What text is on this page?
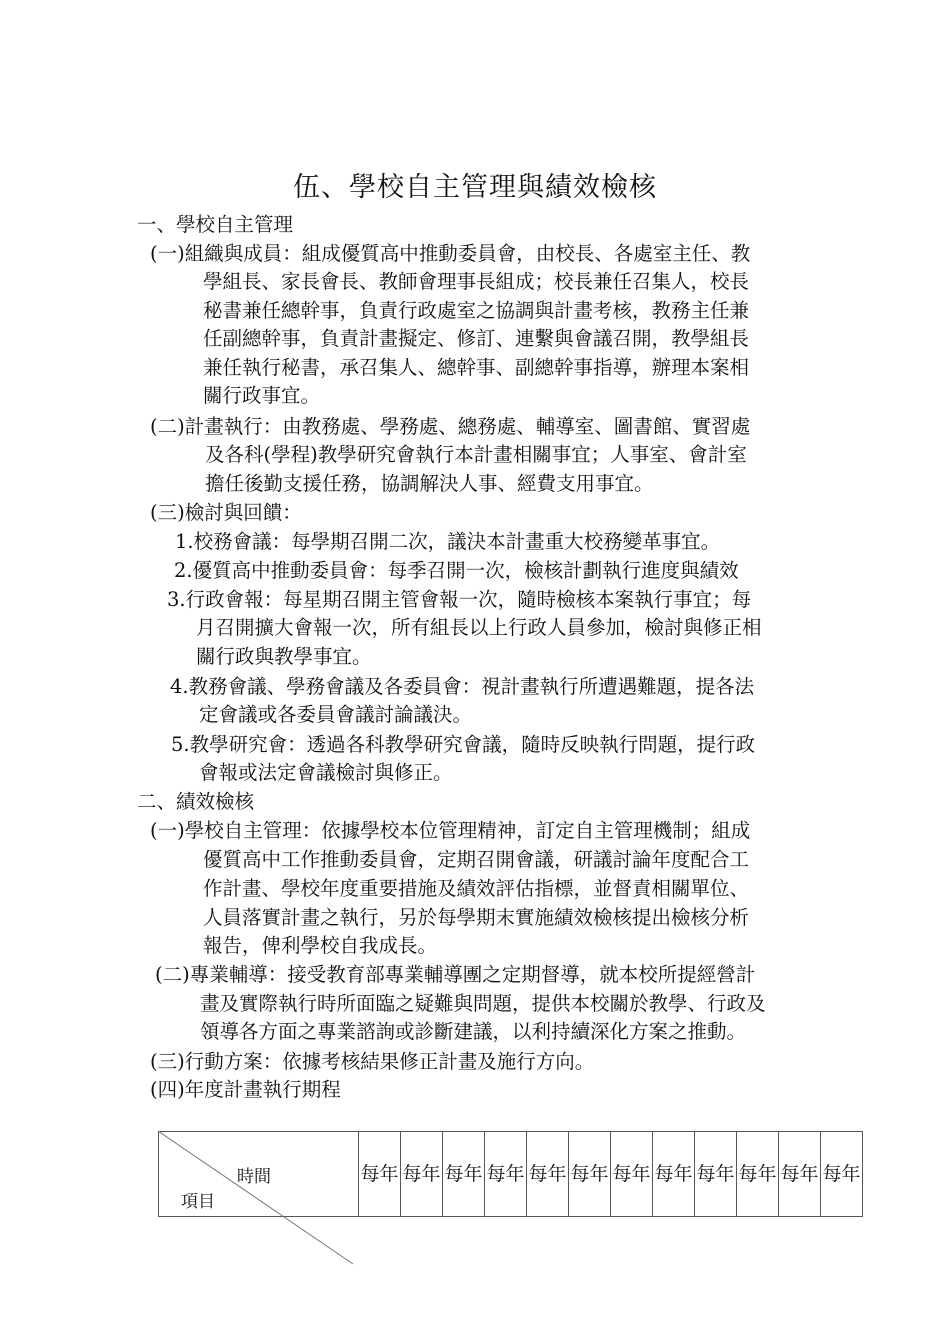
伍、學校自主管理與績效檢核
一、學校自主管理
(一)組織與成員：組成優質高中推動委員會，由校長、各處室主任、教
學組長、家長會長、教師會理事長組成；校長兼任召集人，校長
秘書兼任總幹事，負責行政處室之協調與計畫考核，教務主任兼
任副總幹事，負責計畫擬定、修訂、連繫與會議召開，教學組長
兼任執行秘書，承召集人、總幹事、副總幹事指導，辦理本案相
關行政事宜。
(二)計畫執行：由教務處、學務處、總務處、輔導室、圖書館、實習處
及各科(學程)教學研究會執行本計畫相關事宜；人事室、會計室
擔任後勤支援任務，協調解決人事、經費支用事宜。
(三)檢討與回饋：
1.校務會議：每學期召開二次，議決本計畫重大校務變革事宜。
2.優質高中推動委員會：每季召開一次，檢核計劃執行進度與績效
3.行政會報：每星期召開主管會報一次，隨時檢核本案執行事宜；每
月召開擴大會報一次，所有組長以上行政人員參加，檢討與修正相
關行政與教學事宜。
4.教務會議、學務會議及各委員會：視計畫執行所遭遇難題，提各法
定會議或各委員會議討論議決。
5.教學研究會：透過各科教學研究會議，隨時反映執行問題，提行政
會報或法定會議檢討與修正。
二、績效檢核
(一)學校自主管理：依據學校本位管理精神，訂定自主管理機制；組成
優質高中工作推動委員會，定期召開會議，研議討論年度配合工
作計畫、學校年度重要措施及績效評估指標，並督責相關單位、
人員落實計畫之執行，另於每學期末實施績效檢核提出檢核分析
報告，俾利學校自我成長。
(二)專業輔導：接受教育部專業輔導團之定期督導，就本校所提經營計
畫及實際執行時所面臨之疑難與問題，提供本校關於教學、行政及
領導各方面之專業諮詢或診斷建議，以利持續深化方案之推動。
(三)行動方案：依據考核結果修正計畫及施行方向。
(四)年度計畫執行期程
時間
項目
	每年	每年	每年	每年	每年	每年	每年	每年	每年	每年	每年	每年
